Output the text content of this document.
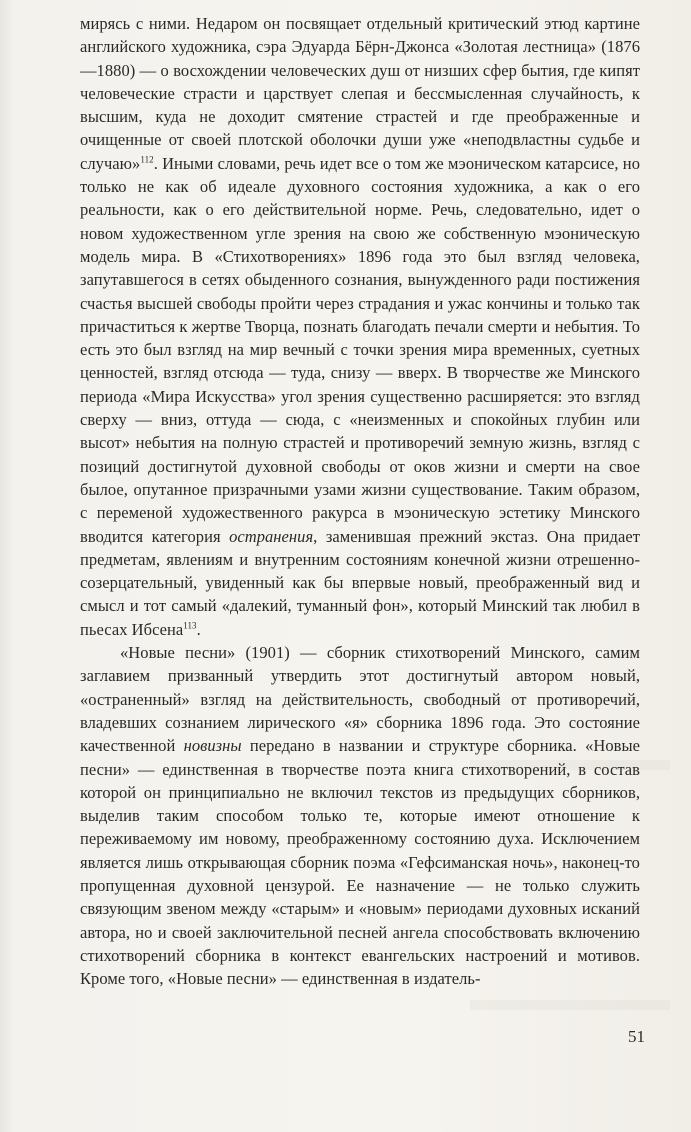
мирясь с ними. Недаром он посвящает отдельный критический этюд картине английского художника, сэра Эдуарда Бёрн-Джонса «Золотая лестница» (1876—1880) — о восхождении человеческих душ от низших сфер бытия, где кипят человеческие страсти и царствует слепая и бессмысленная случайность, к высшим, куда не доходит смятение страстей и где преображенные и очищенные от своей плотской оболочки души уже «неподвластны судьбе и случаю»$^{112}$. Иными словами, речь идет все о том же мэоническом катарсисе, но только не как об идеале духовного состояния художника, а как о его реальности, как о его действительной норме. Речь, следовательно, идет о новом художественном угле зрения на свою же собственную мэоническую модель мира. В «Стихотворениях» 1896 года это был взгляд человека, запутавшегося в сетях обыденного сознания, вынужденного ради постижения счастья высшей свободы пройти через страдания и ужас кончины и только так причаститься к жертве Творца, познать благодать печали смерти и небытия. То есть это был взгляд на мир вечный с точки зрения мира временных, суетных ценностей, взгляд отсюда — туда, снизу — вверх. В творчестве же Минского периода «Мира Искусства» угол зрения существенно расширяется: это взгляд сверху — вниз, оттуда — сюда, с «неизменных и спокойных глубин или высот» небытия на полную страстей и противоречий земную жизнь, взгляд с позиций достигнутой духовной свободы от оков жизни и смерти на свое былое, опутанное призрачными узами жизни существование. Таким образом, с переменой художественного ракурса в мэоническую эстетику Минского вводится категория остранения, заменившая прежний экстаз. Она придает предметам, явлениям и внутренним состояниям конечной жизни отрешенно-созерцательный, увиденный как бы впервые новый, преображенный вид и смысл и тот самый «далекий, туманный фон», который Минский так любил в пьесах Ибсена$^{113}$.

«Новые песни» (1901) — сборник стихотворений Минского, самим заглавием призванный утвердить этот достигнутый автором новый, «остраненный» взгляд на действительность, свободный от противоречий, владевших сознанием лирического «я» сборника 1896 года. Это состояние качественной новизны передано в названии и структуре сборника. «Новые песни» — единственная в творчестве поэта книга стихотворений, в состав которой он принципиально не включил текстов из предыдущих сборников, выделив таким способом только те, которые имеют отношение к переживаемому им новому, преображенному состоянию духа. Исключением является лишь открывающая сборник поэма «Гефсиманская ночь», наконец-то пропущенная духовной цензурой. Ее назначение — не только служить связующим звеном между «старым» и «новым» периодами духовных исканий автора, но и своей заключительной песней ангела способствовать включению стихотворений сборника в контекст евангельских настроений и мотивов. Кроме того, «Новые песни» — единственная в издатель-

51
